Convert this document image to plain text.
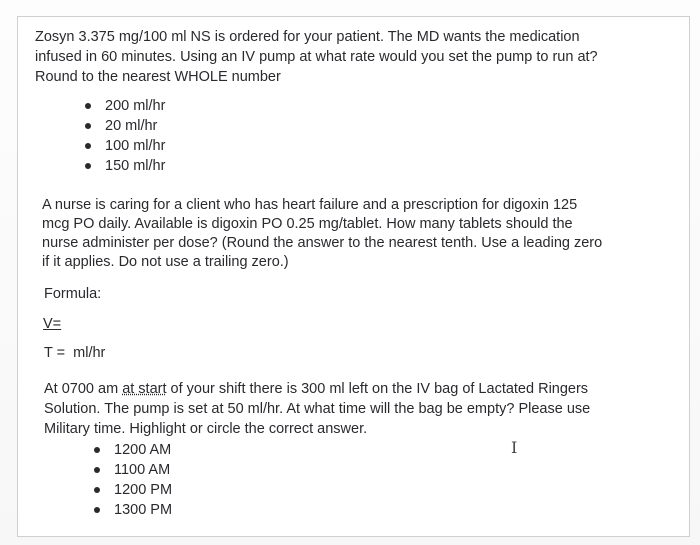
Zosyn 3.375 mg/100 ml NS is ordered for your patient. The MD wants the medication
infused in 60 minutes. Using an IV pump at what rate would you set the pump to run at?
Round to the nearest WHOLE number
200 ml/hr
20 ml/hr
100 ml/hr
150 ml/hr
A nurse is caring for a client who has heart failure and a prescription for digoxin 125
mcg PO daily. Available is digoxin PO 0.25 mg/tablet. How many tablets should the
nurse administer per dose? (Round the answer to the nearest tenth. Use a leading zero
if it applies. Do not use a trailing zero.)
Formula:
V=
T =  ml/hr
At 0700 am at start of your shift there is 300 ml left on the IV bag of Lactated Ringers
Solution. The pump is set at 50 ml/hr. At what time will the bag be empty? Please use
Military time. Highlight or circle the correct answer.
1200 AM
1100 AM
1200 PM
1300 PM
I
